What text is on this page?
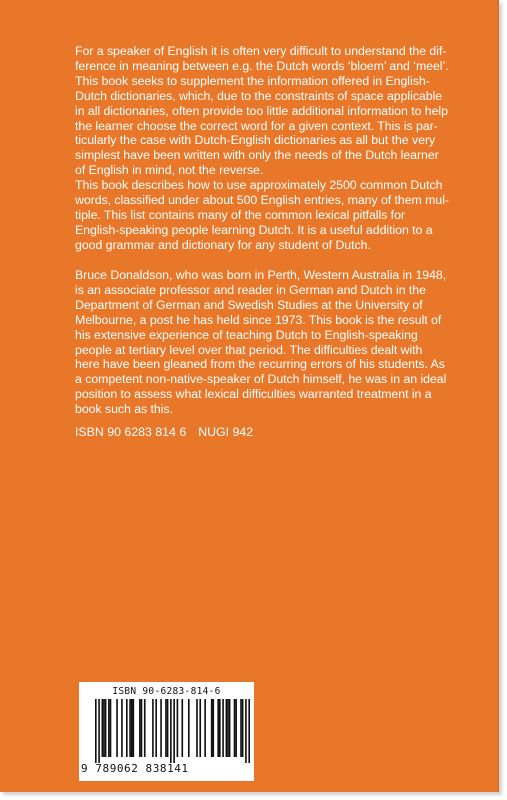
For a speaker of English it is often very difficult to understand the dif-
ference in meaning between e.g. the Dutch words ‘bloem’ and ‘meel’.
This book seeks to supplement the information offered in English-
Dutch dictionaries, which, due to the constraints of space applicable
in all dictionaries, often provide too little additional information to help
the learner choose the correct word for a given context. This is par-
ticularly the case with Dutch-English dictionaries as all but the very
simplest have been written with only the needs of the Dutch learner
of English in mind, not the reverse.
This book describes how to use approximately 2500 common Dutch
words, classified under about 500 English entries, many of them mul-
tiple. This list contains many of the common lexical pitfalls for
English-speaking people learning Dutch. It is a useful addition to a
good grammar and dictionary for any student of Dutch.
Bruce Donaldson, who was born in Perth, Western Australia in 1948,
is an associate professor and reader in German and Dutch in the
Department of German and Swedish Studies at the University of
Melbourne, a post he has held since 1973. This book is the result of
his extensive experience of teaching Dutch to English-speaking
people at tertiary level over that period. The difficulties dealt with
here have been gleaned from the recurring errors of his students. As
a competent non-native-speaker of Dutch himself, he was in an ideal
position to assess what lexical difficulties warranted treatment in a
book such as this.
ISBN 90 6283 814 6 NUGI 942
ISBN 90-6283-814-6
9 789062 838141
